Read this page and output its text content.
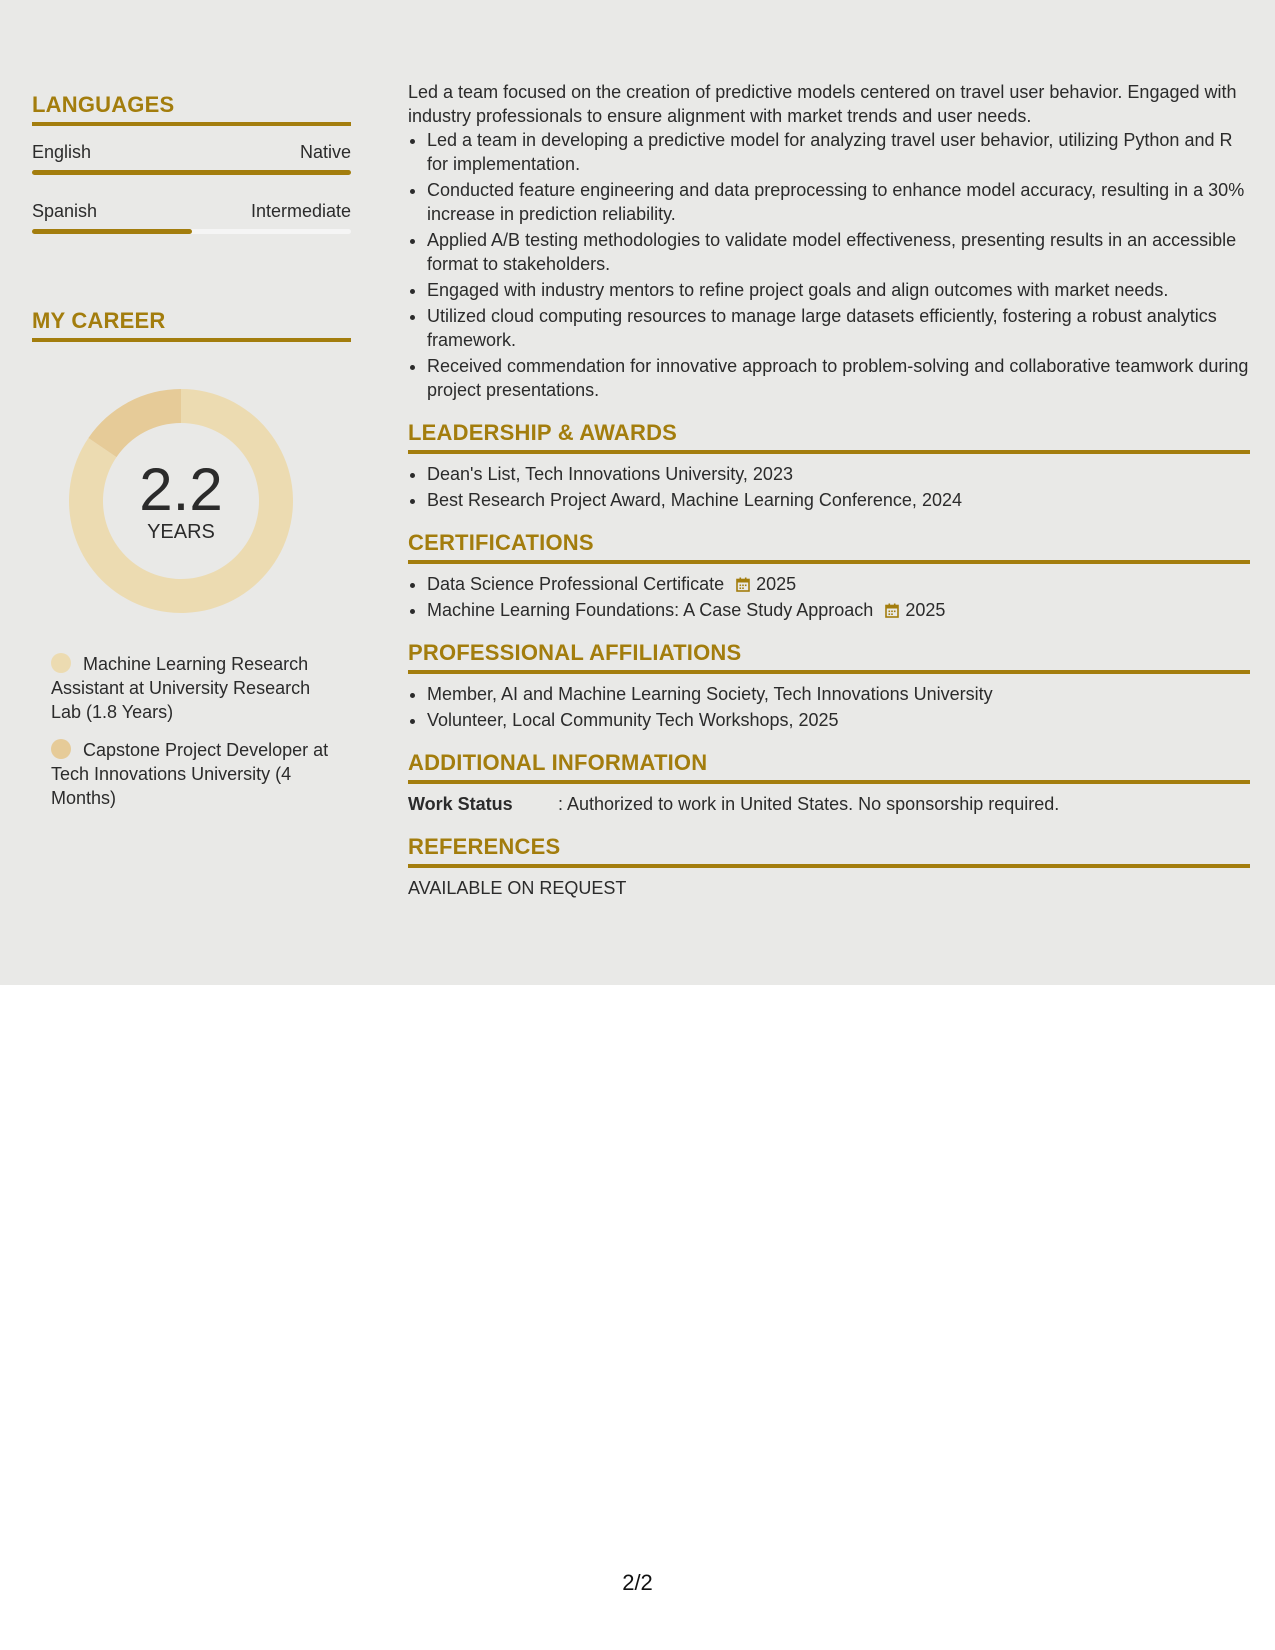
LANGUAGES
English	Native
Spanish	Intermediate
MY CAREER
2.2
YEARS
Machine Learning Research Assistant at University Research Lab (1.8 Years)
Capstone Project Developer at Tech Innovations University (4 Months)

Led a team focused on the creation of predictive models centered on travel user behavior. Engaged with industry professionals to ensure alignment with market trends and user needs.

• Led a team in developing a predictive model for analyzing travel user behavior, utilizing Python and R for implementation.
• Conducted feature engineering and data preprocessing to enhance model accuracy, resulting in a 30% increase in prediction reliability.
• Applied A/B testing methodologies to validate model effectiveness, presenting results in an accessible format to stakeholders.
• Engaged with industry mentors to refine project goals and align outcomes with market needs.
• Utilized cloud computing resources to manage large datasets efficiently, fostering a robust analytics framework.
• Received commendation for innovative approach to problem-solving and collaborative teamwork during project presentations.
LEADERSHIP & AWARDS
• Dean's List, Tech Innovations University, 2023
• Best Research Project Award, Machine Learning Conference, 2024
CERTIFICATIONS
• Data Science Professional Certificate 2025
• Machine Learning Foundations: A Case Study Approach 2025
PROFESSIONAL AFFILIATIONS
• Member, AI and Machine Learning Society, Tech Innovations University
• Volunteer, Local Community Tech Workshops, 2025
ADDITIONAL INFORMATION
Work Status	: Authorized to work in United States. No sponsorship required.
REFERENCES
AVAILABLE ON REQUEST
2/2
